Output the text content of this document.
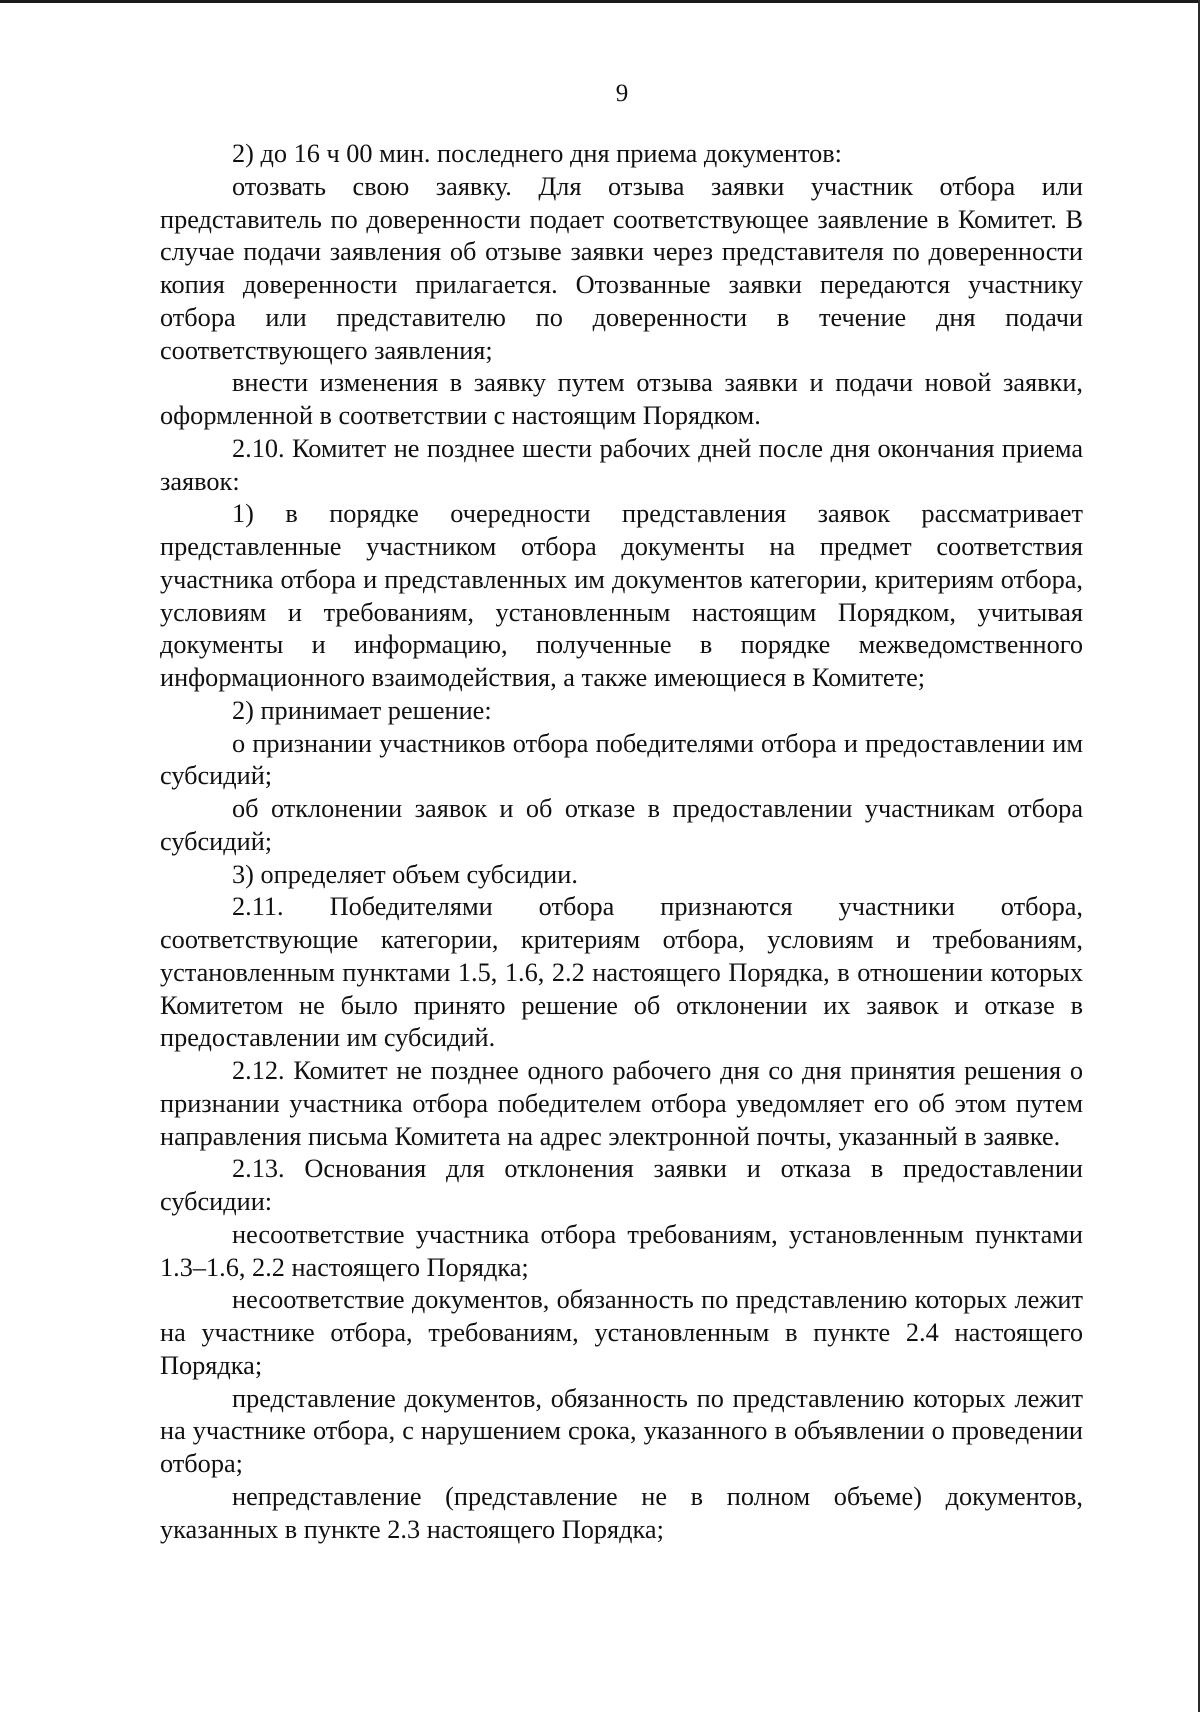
9

2) до 16 ч 00 мин. последнего дня приема документов:

отозвать свою заявку. Для отзыва заявки участник отбора или представитель по доверенности подает соответствующее заявление в Комитет. В случае подачи заявления об отзыве заявки через представителя по доверенности копия доверенности прилагается. Отозванные заявки передаются участнику отбора или представителю по доверенности в течение дня подачи соответствующего заявления;

внести изменения в заявку путем отзыва заявки и подачи новой заявки, оформленной в соответствии с настоящим Порядком.

2.10. Комитет не позднее шести рабочих дней после дня окончания приема заявок:

1) в порядке очередности представления заявок рассматривает представленные участником отбора документы на предмет соответствия участника отбора и представленных им документов категории, критериям отбора, условиям и требованиям, установленным настоящим Порядком, учитывая документы и информацию, полученные в порядке межведомственного информационного взаимодействия, а также имеющиеся в Комитете;

2) принимает решение:

о признании участников отбора победителями отбора и предоставлении им субсидий;

об отклонении заявок и об отказе в предоставлении участникам отбора субсидий;

3) определяет объем субсидии.

2.11. Победителями отбора признаются участники отбора, соответствующие категории, критериям отбора, условиям и требованиям, установленным пунктами 1.5, 1.6, 2.2 настоящего Порядка, в отношении которых Комитетом не было принято решение об отклонении их заявок и отказе в предоставлении им субсидий.

2.12. Комитет не позднее одного рабочего дня со дня принятия решения о признании участника отбора победителем отбора уведомляет его об этом путем направления письма Комитета на адрес электронной почты, указанный в заявке.

2.13. Основания для отклонения заявки и отказа в предоставлении субсидии:

несоответствие участника отбора требованиям, установленным пунктами 1.3–1.6, 2.2 настоящего Порядка;

несоответствие документов, обязанность по представлению которых лежит на участнике отбора, требованиям, установленным в пункте 2.4 настоящего Порядка;

представление документов, обязанность по представлению которых лежит на участнике отбора, с нарушением срока, указанного в объявлении о проведении отбора;

непредставление (представление не в полном объеме) документов, указанных в пункте 2.3 настоящего Порядка;
